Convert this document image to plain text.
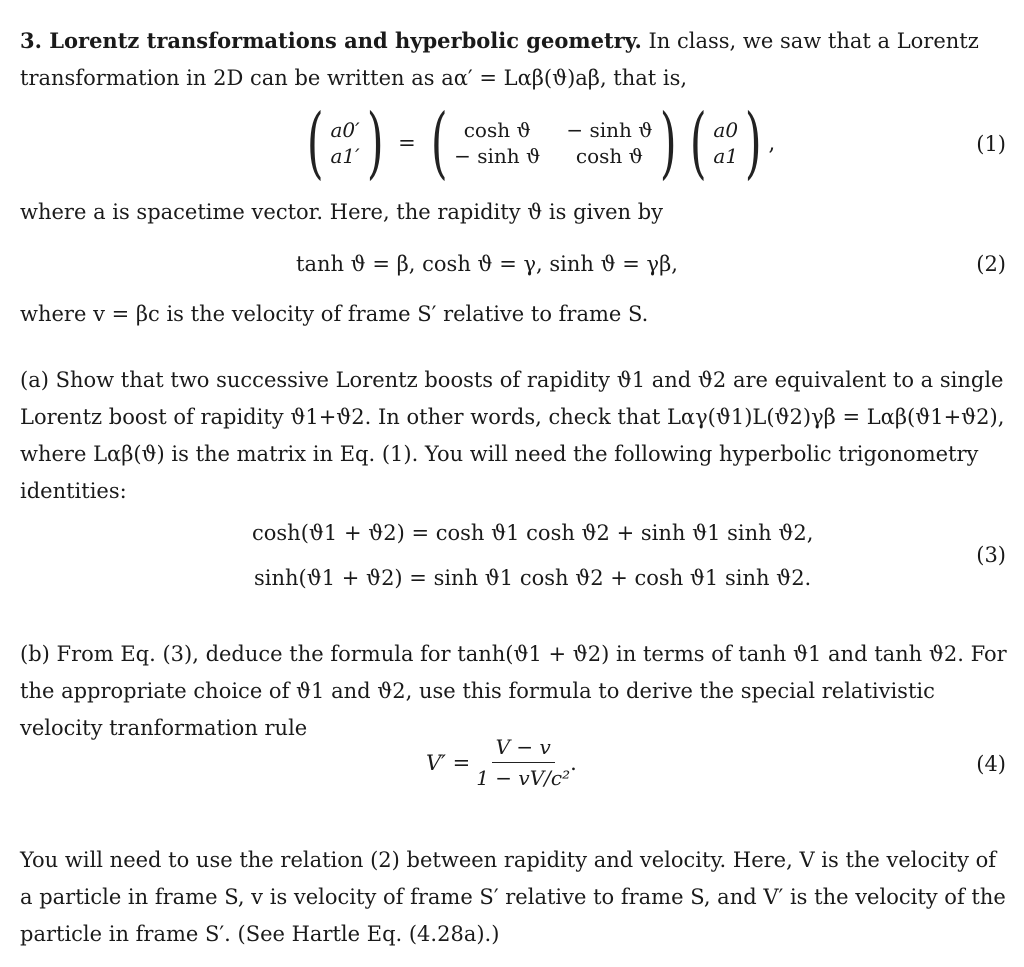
3. Lorentz transformations and hyperbolic geometry. In class, we saw that a Lorentz
transformation in 2D can be written as aα′ = Lαβ(ϑ)aβ, that is,

( a0′
a1′ ) = ( cosh ϑ	− sinh ϑ
− sinh ϑ	cosh ϑ ) ( a0
a1 ) ,	(1)

where a is spacetime vector. Here, the rapidity ϑ is given by

tanh ϑ = β, cosh ϑ = γ, sinh ϑ = γβ,	(2)

where v = βc is the velocity of frame S′ relative to frame S.

(a) Show that two successive Lorentz boosts of rapidity ϑ1 and ϑ2 are equivalent to a single Lorentz boost of rapidity ϑ1+ϑ2. In other words, check that Lαγ(ϑ1)L(ϑ2)γβ = Lαβ(ϑ1+ϑ2), where Lαβ(ϑ) is the matrix in Eq. (1). You will need the following hyperbolic trigonometry identities:

cosh(ϑ1 + ϑ2) = cosh ϑ1 cosh ϑ2 + sinh ϑ1 sinh ϑ2,
sinh(ϑ1 + ϑ2) = sinh ϑ1 cosh ϑ2 + cosh ϑ1 sinh ϑ2.
(3)

(b) From Eq. (3), deduce the formula for tanh(ϑ1 + ϑ2) in terms of tanh ϑ1 and tanh ϑ2. For the appropriate choice of ϑ1 and ϑ2, use this formula to derive the special relativistic velocity tranformation rule

$V' = \frac{V - v}{\text{1 − vV/c²}}$ .	(4)

You will need to use the relation (2) between rapidity and velocity. Here, V is the velocity of a particle in frame S, v is velocity of frame S′ relative to frame S, and V′ is the velocity of the particle in frame S′. (See Hartle Eq. (4.28a).)
